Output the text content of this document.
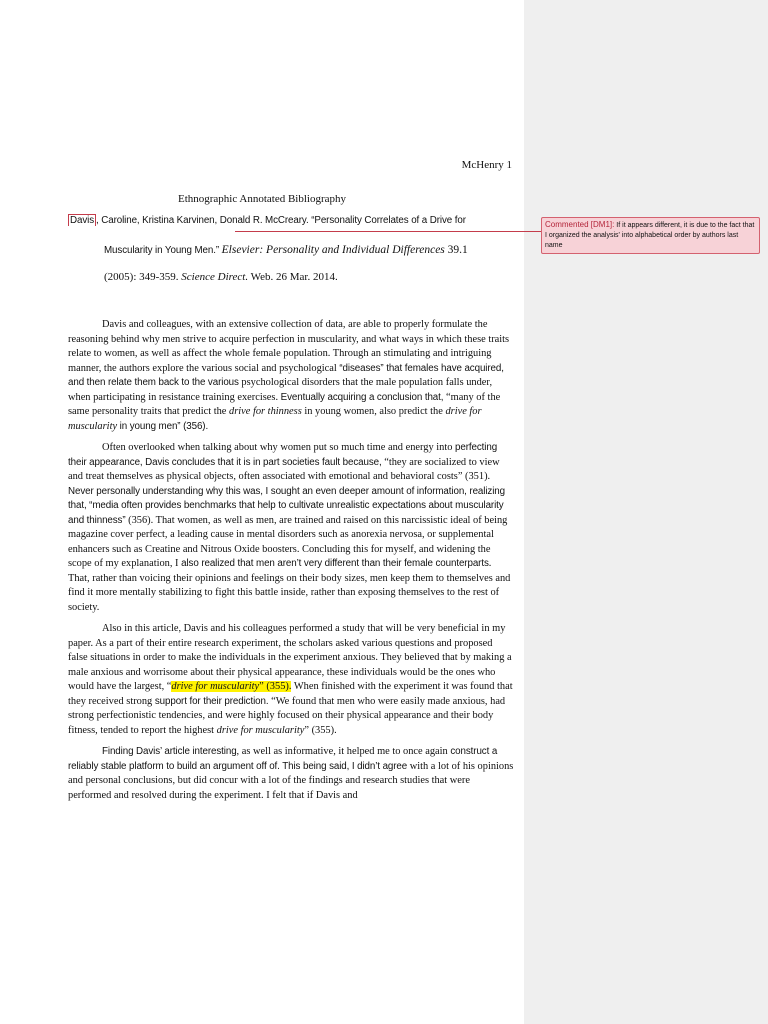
McHenry 1
Ethnographic Annotated Bibliography
Davis , Caroline, Kristina Karvinen, Donald R. McCreary. “Personality Correlates of a Drive for
Muscularity in Young Men.” Elsevier: Personality and Individual Differences 39.1
(2005): 349-359. Science Direct. Web. 26 Mar. 2014.

Davis and colleagues, with an extensive collection of data, are able to properly formulate the reasoning behind why men strive to acquire perfection in muscularity, and what ways in which these traits relate to women, as well as affect the whole female population. Through an stimulating and intriguing manner, the authors explore the various social and psychological “diseases” that females have acquired, and then relate them back to the various psychological disorders that the male population falls under, when participating in resistance training exercises. Eventually acquiring a conclusion that, “many of the same personality traits that predict the drive for thinness in young women, also predict the drive for muscularity in young men” (356).

Often overlooked when talking about why women put so much time and energy into perfecting their appearance, Davis concludes that it is in part societies fault because, “they are socialized to view and treat themselves as physical objects, often associated with emotional and behavioral costs” (351). Never personally understanding why this was, I sought an even deeper amount of information, realizing that, “media often provides benchmarks that help to cultivate unrealistic expectations about muscularity and thinness” (356). That women, as well as men, are trained and raised on this narcissistic ideal of being magazine cover perfect, a leading cause in mental disorders such as anorexia nervosa, or supplemental enhancers such as Creatine and Nitrous Oxide boosters. Concluding this for myself, and widening the scope of my explanation, I also realized that men aren’t very different than their female counterparts. That, rather than voicing their opinions and feelings on their body sizes, men keep them to themselves and find it more mentally stabilizing to fight this battle inside, rather than exposing themselves to the rest of society.

Also in this article, Davis and his colleagues performed a study that will be very beneficial in my paper. As a part of their entire research experiment, the scholars asked various questions and proposed false situations in order to make the individuals in the experiment anxious. They believed that by making a male anxious and worrisome about their physical appearance, these individuals would be the ones who would have the largest, “drive for muscularity” (355). When finished with the experiment it was found that they received strong support for their prediction. “We found that men who were easily made anxious, had strong perfectionistic tendencies, and were highly focused on their physical appearance and their body fitness, tended to report the highest drive for muscularity” (355).

Finding Davis’ article interesting, as well as informative, it helped me to once again construct a reliably stable platform to build an argument off of. This being said, I didn’t agree with a lot of his opinions and personal conclusions, but did concur with a lot of the findings and research studies that were performed and resolved during the experiment. I felt that if Davis and

Commented [DM1]: If it appears different, it is due to the fact that I organized the analysis' into alphabetical order by authors last name
